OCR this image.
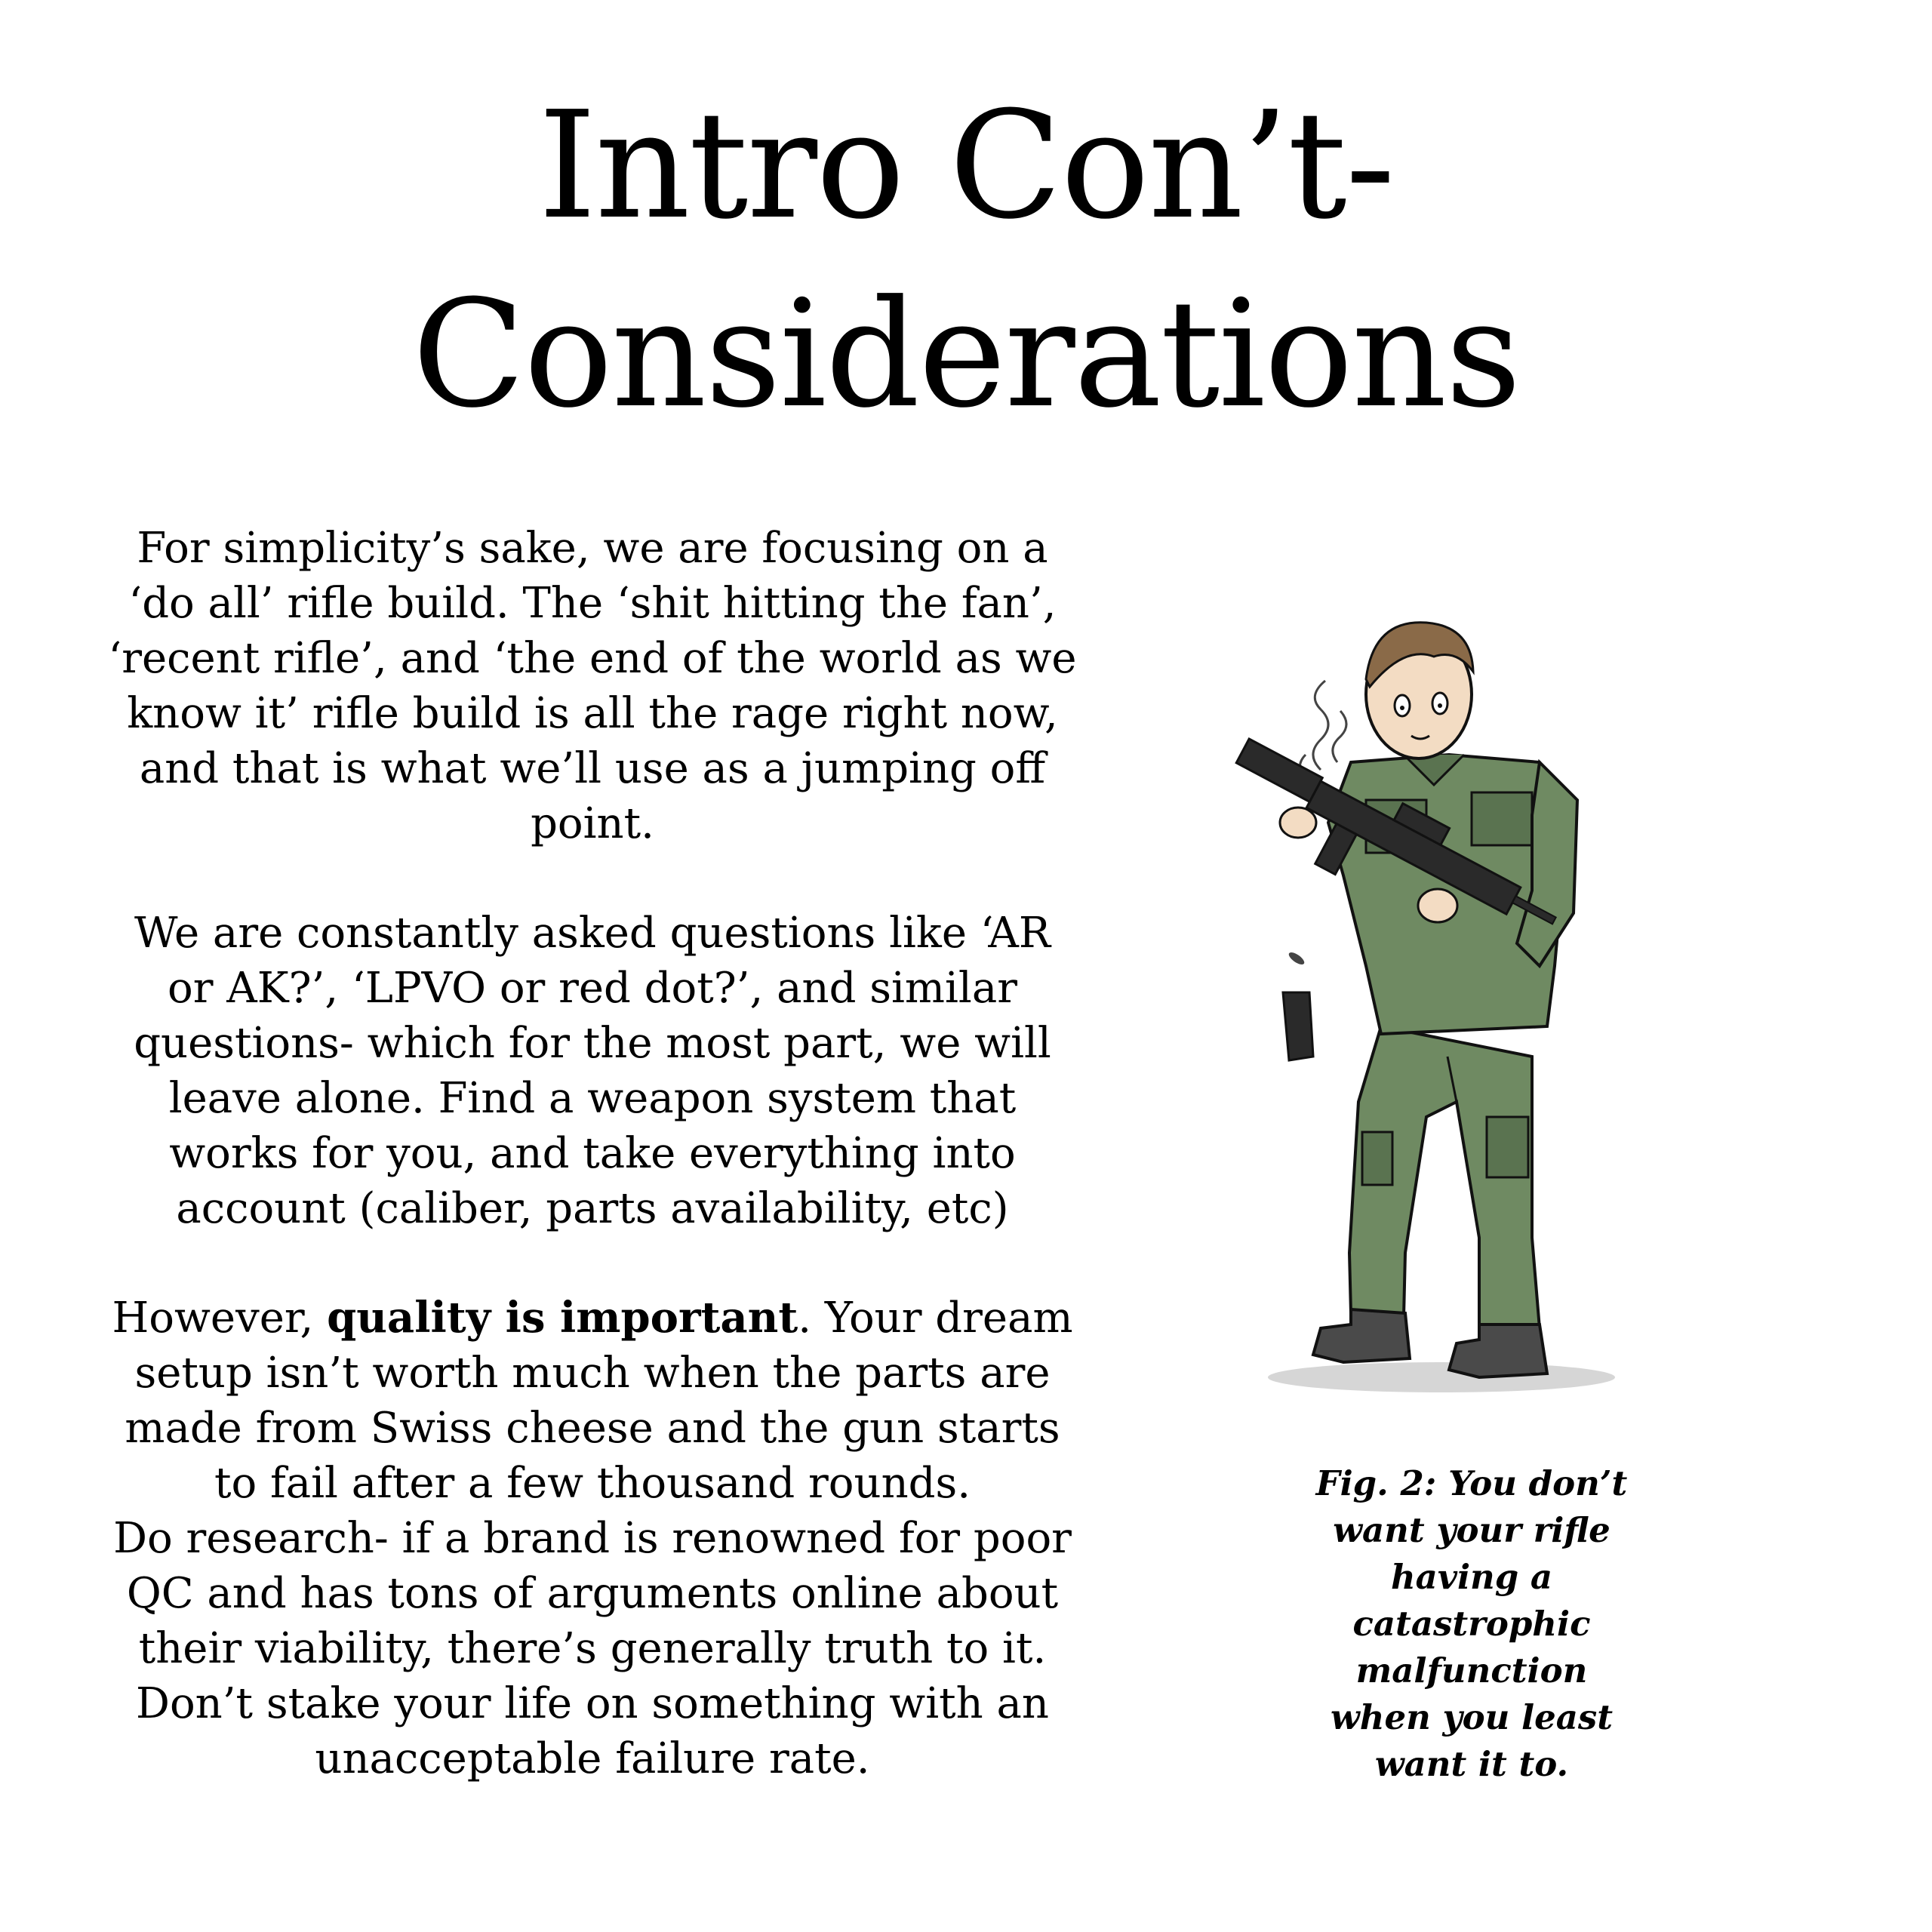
Intro Con’t-
Considerations

For simplicity’s sake, we are focusing on a
‘do all’ rifle build. The ‘shit hitting the fan’,
‘recent rifle’, and ‘the end of the world as we
know it’ rifle build is all the rage right now,
and that is what we’ll use as a jumping off
point.

We are constantly asked questions like ‘AR
or AK?’, ‘LPVO or red dot?’, and similar
questions- which for the most part, we will
leave alone. Find a weapon system that
works for you, and take everything into
account (caliber, parts availability, etc)

However, quality is important. Your dream
setup isn’t worth much when the parts are
made from Swiss cheese and the gun starts
to fail after a few thousand rounds.
Do research- if a brand is renowned for poor
QC and has tons of arguments online about
their viability, there’s generally truth to it.
Don’t stake your life on something with an
unacceptable failure rate.

Fig. 2: You don’t
want your rifle
having a
catastrophic
malfunction
when you least
want it to.
